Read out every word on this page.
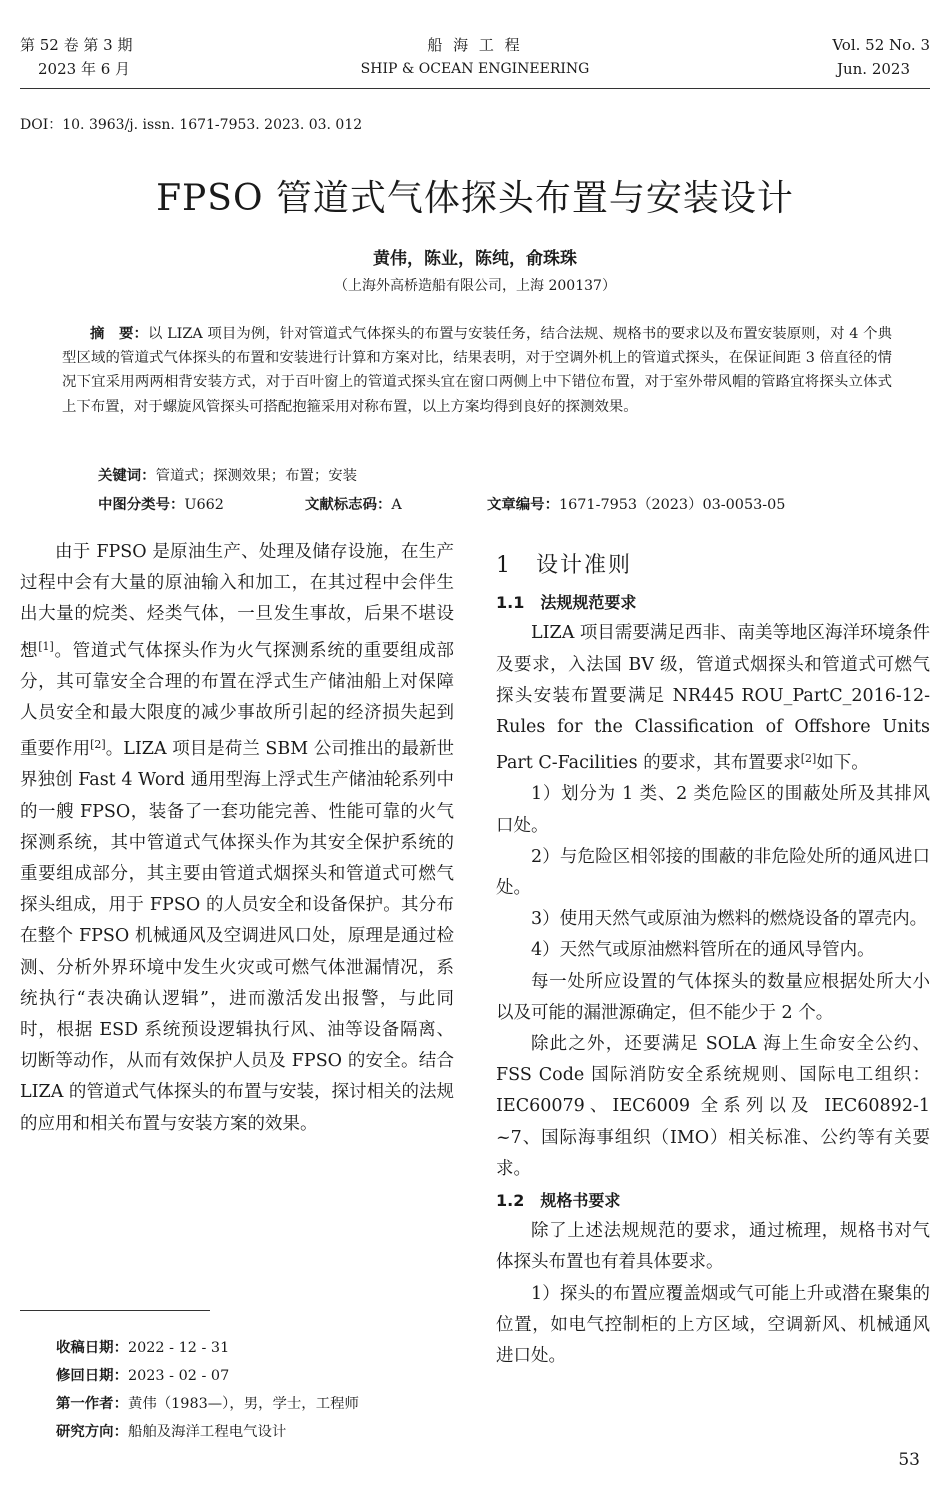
第 52 卷 第 3 期
2023 年 6 月
船 海 工 程
SHIP & OCEAN ENGINEERING
Vol. 52 No. 3
Jun. 2023
DOI：10. 3963/j. issn. 1671-7953. 2023. 03. 012
FPSO 管道式气体探头布置与安装设计
黄伟，陈业，陈纯，俞珠珠
（上海外高桥造船有限公司，上海 200137）
摘　要：以 LIZA 项目为例，针对管道式气体探头的布置与安装任务，结合法规、规格书的要求以及布置安装原则，对 4 个典型区域的管道式气体探头的布置和安装进行计算和方案对比，结果表明，对于空调外机上的管道式探头，在保证间距 3 倍直径的情况下宜采用两两相背安装方式，对于百叶窗上的管道式探头宜在窗口两侧上中下错位布置，对于室外带风帽的管路宜将探头立体式上下布置，对于螺旋风管探头可搭配抱箍采用对称布置，以上方案均得到良好的探测效果。
关键词：管道式；探测效果；布置；安装
中图分类号：U662	文献标志码：A	文章编号：1671-7953（2023）03-0053-05

由于 FPSO 是原油生产、处理及储存设施，在生产过程中会有大量的原油输入和加工，在其过程中会伴生出大量的烷类、烃类气体，一旦发生事故，后果不堪设想[1]。管道式气体探头作为火气探测系统的重要组成部分，其可靠安全合理的布置在浮式生产储油船上对保障人员安全和最大限度的减少事故所引起的经济损失起到重要作用[2]。LIZA 项目是荷兰 SBM 公司推出的最新世界独创 Fast 4 Word 通用型海上浮式生产储油轮系列中的一艘 FPSO，装备了一套功能完善、性能可靠的火气探测系统，其中管道式气体探头作为其安全保护系统的重要组成部分，其主要由管道式烟探头和管道式可燃气探头组成，用于 FPSO 的人员安全和设备保护。其分布在整个 FPSO 机械通风及空调进风口处，原理是通过检测、分析外界环境中发生火灾或可燃气体泄漏情况，系统执行“表决确认逻辑”，进而激活发出报警，与此同时，根据 ESD 系统预设逻辑执行风、油等设备隔离、切断等动作，从而有效保护人员及 FPSO 的安全。结合 LIZA 的管道式气体探头的布置与安装，探讨相关的法规的应用和相关布置与安装方案的效果。

1　设计准则
1.1　法规规范要求

LIZA 项目需要满足西非、南美等地区海洋环境条件及要求，入法国 BV 级，管道式烟探头和管道式可燃气探头安装布置要满足 NR445 ROU_PartC_2016-12-Rules for the Classification of Offshore Units Part C-Facilities 的要求，其布置要求[2]如下。

1）划分为 1 类、2 类危险区的围蔽处所及其排风口处。

2）与危险区相邻接的围蔽的非危险处所的通风进口处。

3）使用天然气或原油为燃料的燃烧设备的罩壳内。

4）天然气或原油燃料管所在的通风导管内。

每一处所应设置的气体探头的数量应根据处所大小以及可能的漏泄源确定，但不能少于 2 个。

除此之外，还要满足 SOLA 海上生命安全公约、FSS Code 国际消防安全系统规则、国际电工组织：IEC60079、IEC6009 全系列以及 IEC60892-1 ~7、国际海事组织（IMO）相关标准、公约等有关要求。

1.2　规格书要求

除了上述法规规范的要求，通过梳理，规格书对气体探头布置也有着具体要求。

1）探头的布置应覆盖烟或气可能上升或潜在聚集的位置，如电气控制柜的上方区域，空调新风、机械通风进口处。

收稿日期：2022 - 12 - 31
修回日期：2023 - 02 - 07
第一作者：黄伟（1983—），男，学士，工程师
研究方向：船舶及海洋工程电气设计
53
